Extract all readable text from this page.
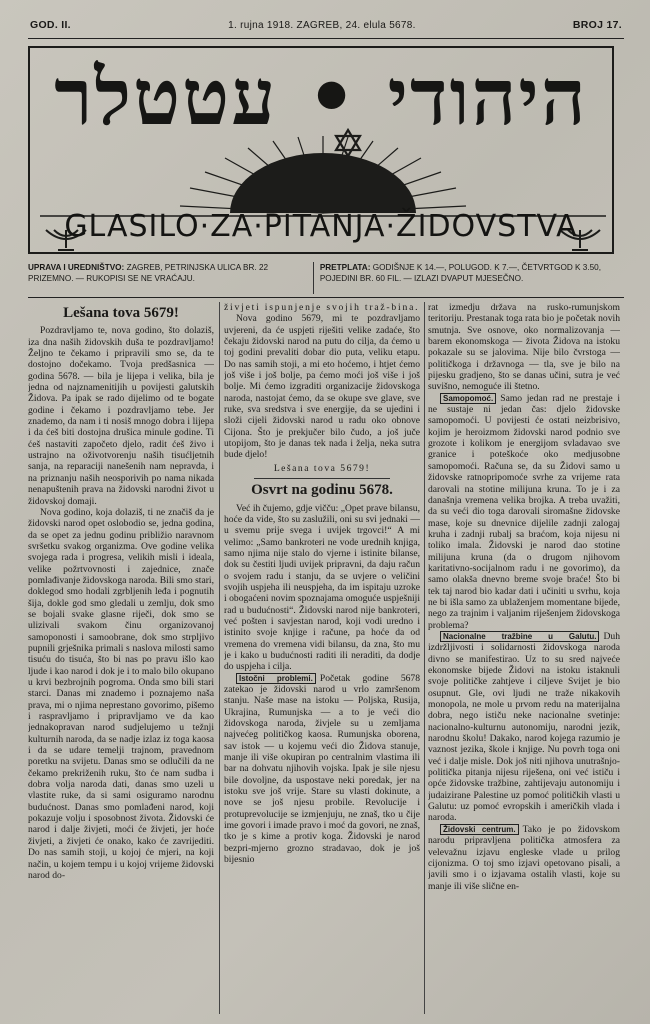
GOD. II.	1. rujna 1918. ZAGREB, 24. elula 5678.	BROJ 17.
היהודי • עטטלר
GLASILO·ZA·PITANJA·ŽIDOVSTVA
UPRAVA I UREDNIŠTVO: ZAGREB, PETRINJSKA ULICA BR. 22 PRIZEMNO. — RUKOPISI SE NE VRAĆAJU.
PRETPLATA: GODIŠNJE K 14.—, POLUGOD. K 7.—, ČETVRTGOD K 3.50, POJEDINI BR. 60 FIL. — IZLAZI DVAPUT MJESEČNO.
Lešana tova 5679!

Pozdravljamo te, nova godino, što dolaziš, iza dna naših židovskih duša te pozdravljamo! Željno te čekamo i pripravili smo se, da te dostojno dočekamo. Tvoja predšasnica — godina 5678. — bila je lijepa i velika, bila je jedna od najznamenitijih u povijesti galutskih Židova. Pa ipak se rado dijelimo od te bogate godine i čekamo i pozdravljamo tebe. Jer znademo, da nam i ti nosiš mnogo dobra i lijepa i da ćeš biti dostojna drušica minule godine. Ti ćeš nastaviti započeto djelo, radit ćeš živo i ustrajno na oživotvorenju naših tisućljetnih sanja, na reparaciji nanešenih nam nepravda, i na priznanju naših neosporivih po nama nikada nenapuštenih prava na židovski narodni život u židovskoj domaji.

Nova godino, koja dolaziš, ti ne značiš da je židovski narod opet oslobodio se, jedna godina, da se opet za jednu godinu približio naravnom svršetku svakog organizma. Ove godine velika svojega rada i progresa, velikih misli i ideala, velike požrtvovnosti i zajednice, znače pomlađivanje židovskoga naroda. Bili smo stari, doklegod smo hodali zgrbljenih leđa i pognutih šija, dokle god smo gledali u zemlju, dok smo se bojali svake glasne riječi, dok smo se ulizivali svakom činu organizovanoj samoponosti i samoobrane, dok smo strpljivo pupnili grješnika primali s naslova milosti samo tisuću do tisuća, što bi nas po pravu išlo kao ljude i kao narod i dok je i to malo bilo okupano u krvi bezbrojnih pogroma. Onda smo bili stari starci. Danas mi znademo i poznajemo naša prava, mi o njima neprestano govorimo, pišemo i raspravljamo i pripravljamo ve da kao jednakopravan narod sudjelujemo u težnji kulturnih naroda, da se nadje izlaz iz toga kaosa i da se udare temelji trajnom, pravednom poretku na svijetu. Danas smo se odlučili da ne čekamo prekriženih ruku, što će nam sudba i dobra volja naroda dati, danas smo uzeli u vlastite ruke, da si sami osiguramo narodnu budućnost. Danas smo pomlađeni narod, koji pokazuje volju i sposobnost života. Židovski će narod i dalje živjeti, moći će živjeti, jer hoće živjeti, a živjeti će onako, kako će zavrijediti. Do nas samih stoji, u kojoj će mjeri, na koji način, u kojem tempu i u kojoj vrijeme židovski narod do-

živjeti ispunjenje svojih traž-bina.

Nova godino 5679, mi te pozdravljamo uvjereni, da će uspjeti riješiti velike zadaće, što čekaju židovski narod na putu do cilja, da ćemo u toj godini prevaliti dobar dio puta, veliku etapu. Do nas samih stoji, a mi eto hoćemo, i htjet ćemo još više i još bolje, pa ćemo moći još više i još bolje. Mi ćemo izgraditi organizacije židovskoga naroda, nastojat ćemo, da se okupe sve glave, sve ruke, sva sredstva i sve energije, da se ujedini i složi cijeli židovski narod u radu oko obnove Cijona. Što je prekjučer bilo čudo, a još juče utopijom, što je danas tek nada i želja, neka sutra bude djelo!

Lešana tova 5679!

Osvrt na godinu 5678.

Već ih čujemo, gdje vičču: „Opet prave bilansu, hoće da vide, što su zaslužili, oni su svi jednaki — u svemu prije svega i uvijek trgovci!“ A mi velimo: „Samo bankroteri ne vode urednih knjiga, samo njima nije stalo do vjerne i istinite bilanse, dok su čestiti ljudi uvijek pripravni, da daju račun o svojem radu i stanju, da se uvjere o veličini svojih uspjeha ili neuspjeha, da im ispitaju uzroke i obogaćeni novim spoznajama omoguće uspješniji rad u budućnosti“. Židovski narod nije bankroteri, već pošten i savjestan narod, koji vodi uredno i istinito svoje knjige i račune, pa hoće da od vremena do vremena vidi bilansu, da zna, što mu je i kako u budućnosti raditi ili neraditi, da dodje do uspjeha i cilja.

Istočni problemi. Početak godine 5678 zatekao je židovski narod u vrlo zamršenom stanju. Naše mase na istoku — Poljska, Rusija, Ukrajina, Rumunjska — a to je veći dio židovskoga naroda, živjele su u zemljama najvećeg političkog kaosa. Rumunjska oborena, sav istok — u kojemu veći dio Židova stanuje, manje ili više okupiran po centralnim vlastima ili bar na dohvatu njihovih vojska. Ipak je sile njesu bile dovoljne, da uspostave neki poredak, jer na istoku sve još vrije. Stare su vlasti dokinute, a nove se još njesu probile. Revolucije i protuprevolucije se izmjenjuju, ne znaš, tko u čije ime govori i imade pravo i moć da govori, ne znaš, tko je s kime a protiv koga. Židovski je narod bezpri-mjerno grozno stradavao, dok je još bijesnio

rat izmedju država na rusko-rumunjskom teritoriju. Prestanak toga rata bio je početak novih smutnja. Sve osnove, oko normalizovanja — barem ekonomskoga — života Židova na istoku pokazale su se jalovima. Nije bilo čvrstoga — političkoga i državnoga — tla, sve je bilo na pijesku gradjeno, što se danas učini, sutra je već suvišno, nemoguće ili štetno.

Samopomoć. Samo jedan rad ne prestaje i ne sustaje ni jedan čas: djelo židovske samopomoći. U povijesti će ostati neizbrisivo, kojim je heroizmom židovski narod podnio sve grozote i kolikom je energijom svladavao sve granice i poteškoće oko medjusobne samopomoći. Računa se, da su Židovi samo u židovske ratnopripomoće svrhe za vrijeme rata darovali na stotine milijuna kruna. To je i za današnja vremena velika brojka. A treba uvažiti, da su veći dio toga darovali siromašne židovske mase, koje su dnevnice dijelile zadnji zalogaj kruha i zadnji rubalj sa braćom, koja nijesu ni toliko imala. Židovski je narod dao stotine milijuna kruna (da o drugom njihovom karitativno-socijalnom radu i ne govorimo), da samo olakša dnevno breme svoje braće! Što bi tek taj narod bio kadar dati i učiniti u svrhu, koja ne bi išla samo za ublaženjem momentane bijede, nego za trajnim i valjanim riješenjem židovskoga problema?

Nacionalne tražbine u Galutu. Duh izdržljivosti i solidarnosti židovskoga naroda divno se manifestirao. Uz to su sred najveće ekonomske bijede Židovi na istoku istaknuli svoje političke zahtjeve i ciljeve Svijet je bio osupnut. Gle, ovi ljudi ne traže nikakovih monopola, ne mole u prvom redu na materijalna dobra, nego ističu neke nacionalne svetinje: nacionalno-kulturnu autonomiju, narodni jezik, narodnu školu! Dakako, narod kojega razumio je vaznost jezika, škole i knjige. Nu povrh toga oni već i dalje misle. Dok još niti njihova unutrašnjo-politička pitanja nijesu riješena, oni već ističu i opće židovske tražbine, zahtijevaju autonomiju i judaizirane Palestine uz pomoć političkih vlasti u Galutu: uz pomoć evropskih i američkih vlada i naroda.

Židovski centrum. Tako je po židovskom narodu pripravljena politička atmosfera za velevažnu izjavu engleske vlade u prilog cijonizma. O toj smo izjavi opetovano pisali, a javili smo i o izjavama ostalih vlasti, koje su manje ili više slične en-
